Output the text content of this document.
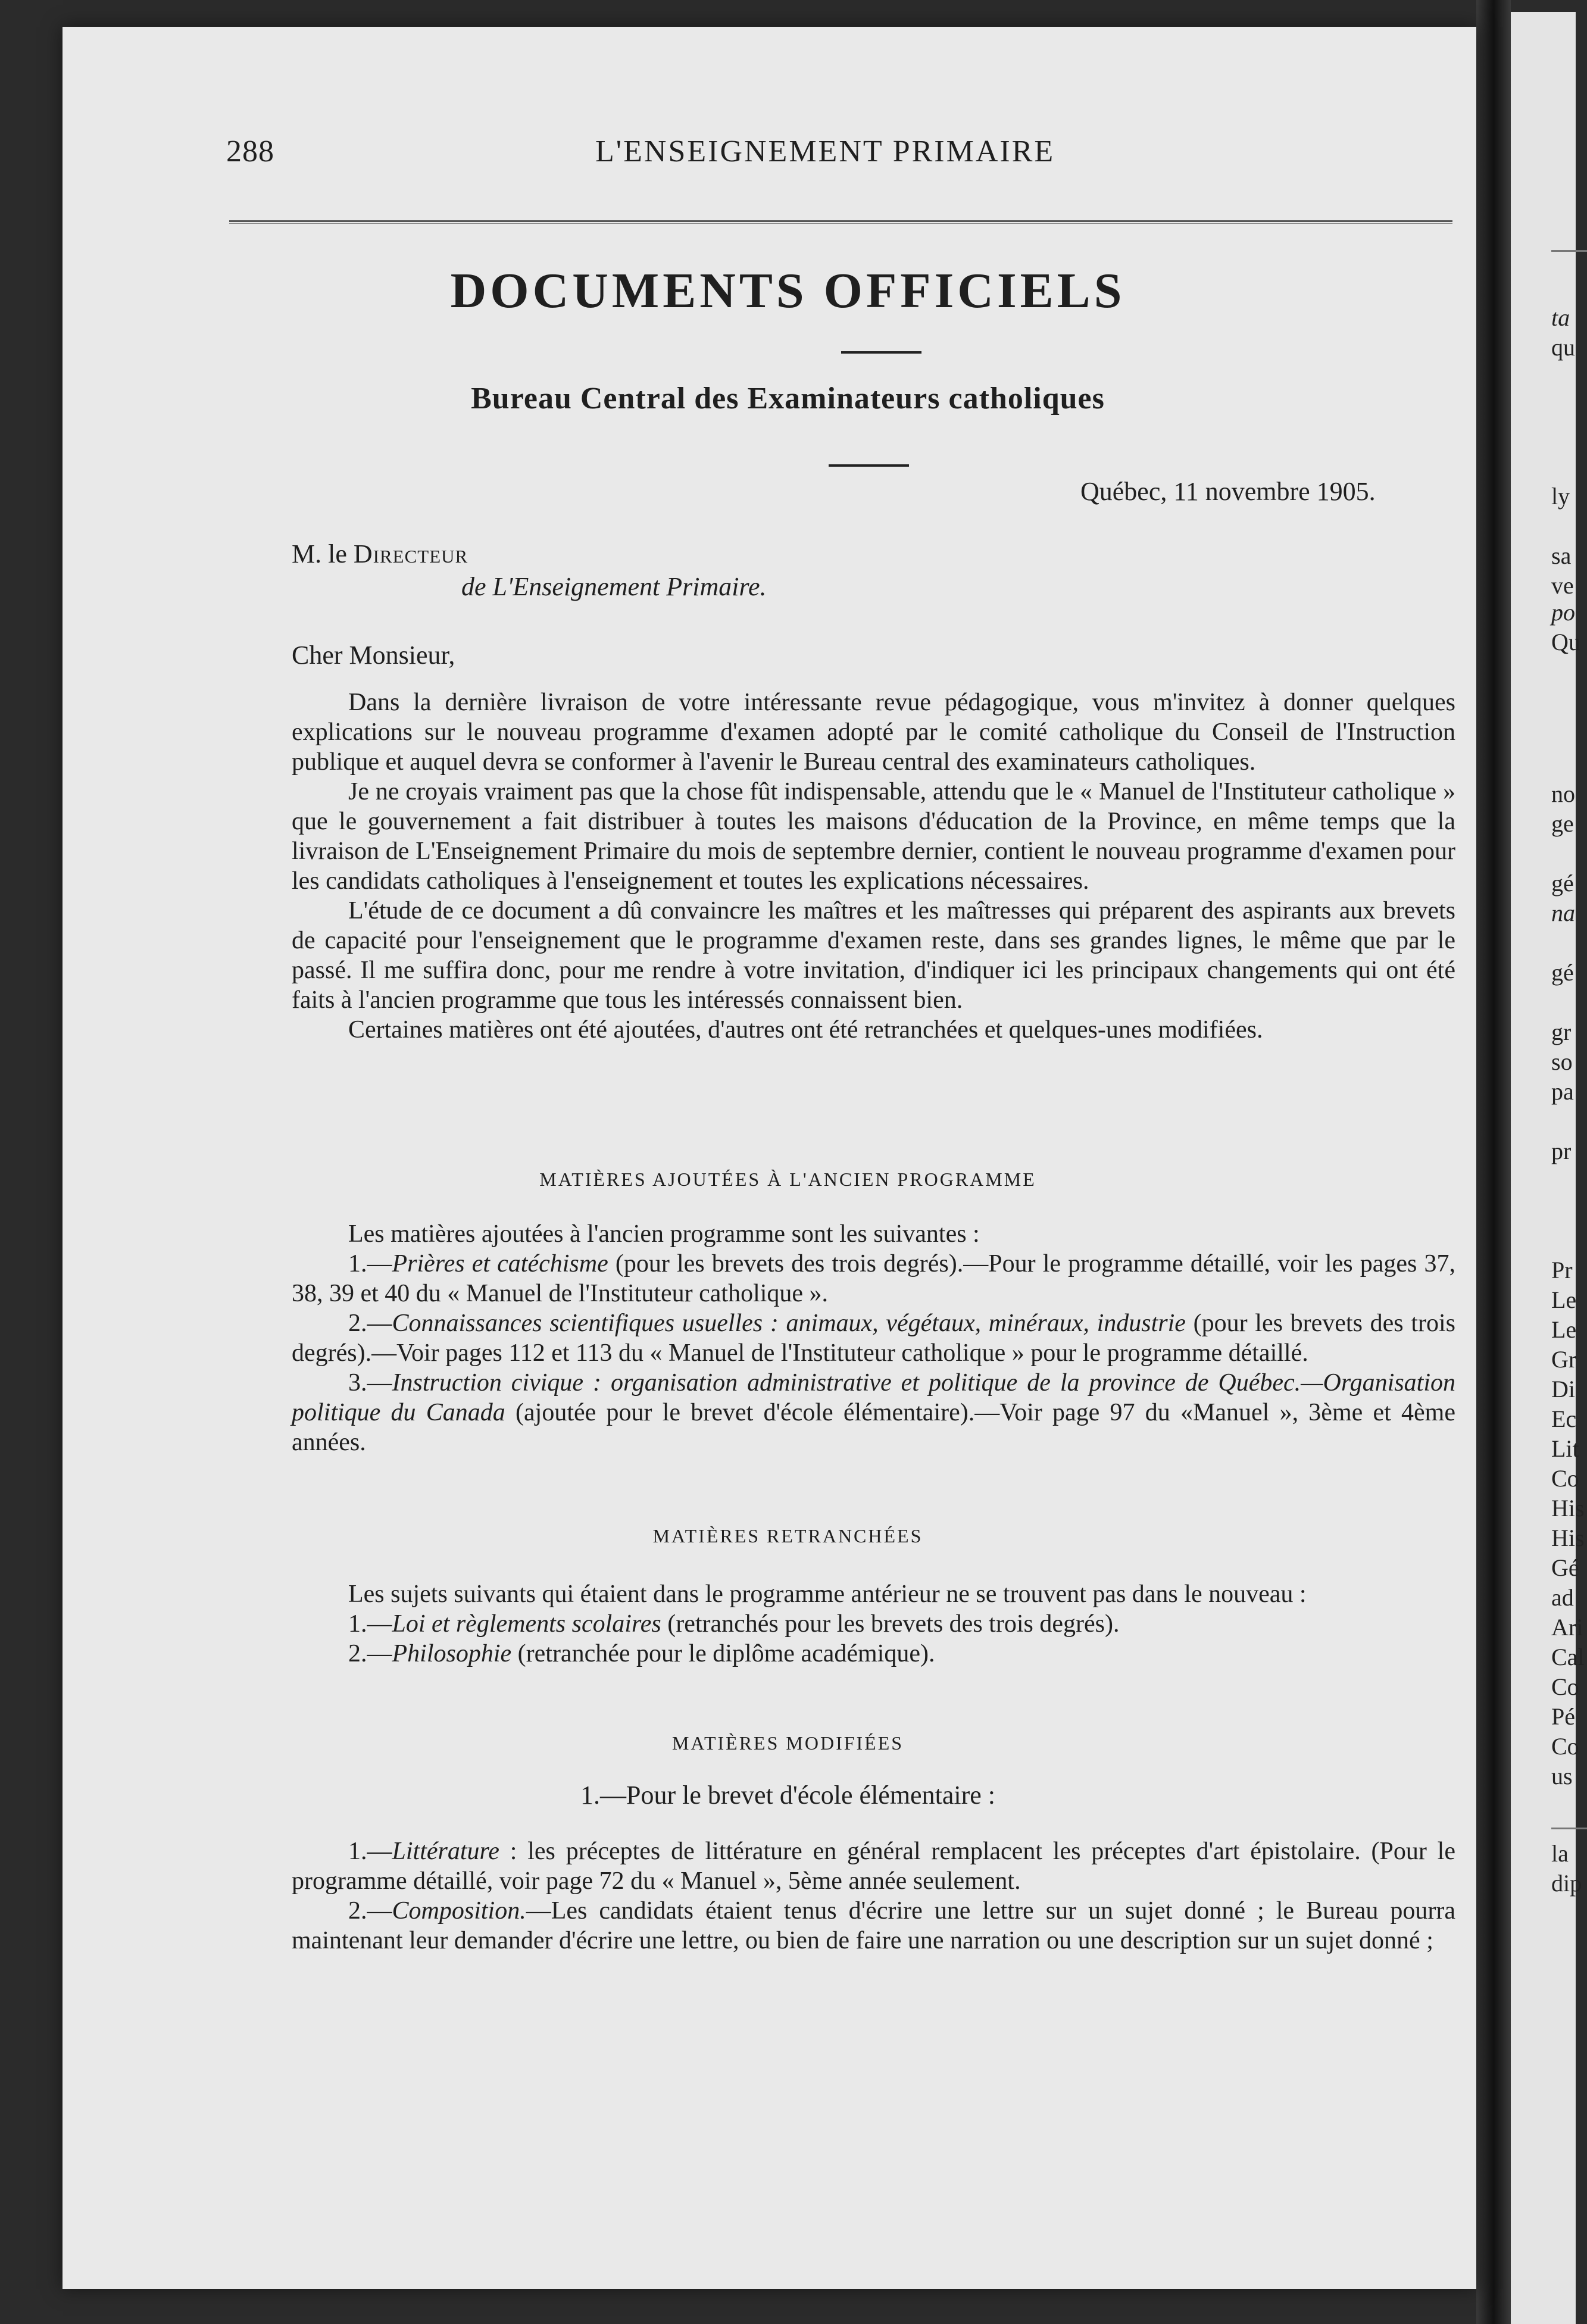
ta
qu
ly
sa
ve
po
Qu
no
ge
gé
na
gé
gr
so
pa
pr
Pr
Le
Le
Gr
Di
Ec
Lit
Co
His
His
Gé
ad
Ari
Cal
Co
Pé
Co
us
la
dip
288	L'ENSEIGNEMENT PRIMAIRE
DOCUMENTS OFFICIELS
Bureau Central des Examinateurs catholiques
Québec, 11 novembre 1905.
M. le Directeur
de L'Enseignement Primaire.
Cher Monsieur,

Dans la dernière livraison de votre intéressante revue pédagogique, vous m'invitez à donner quelques explications sur le nouveau programme d'examen adopté par le comité catholique du Conseil de l'Instruction publique et auquel devra se conformer à l'avenir le Bureau central des examinateurs catholiques.

Je ne croyais vraiment pas que la chose fût indispensable, attendu que le « Manuel de l'Instituteur catholique » que le gouvernement a fait distribuer à toutes les maisons d'éducation de la Province, en même temps que la livraison de L'Enseignement Primaire du mois de septembre dernier, contient le nouveau programme d'examen pour les candidats catholiques à l'enseignement et toutes les explications nécessaires.

L'étude de ce document a dû convaincre les maîtres et les maîtresses qui préparent des aspirants aux brevets de capacité pour l'enseignement que le programme d'examen reste, dans ses grandes lignes, le même que par le passé. Il me suffira donc, pour me rendre à votre invitation, d'indiquer ici les principaux changements qui ont été faits à l'ancien programme que tous les intéressés connaissent bien.

Certaines matières ont été ajoutées, d'autres ont été retranchées et quelques-unes modifiées.

MATIÈRES AJOUTÉES À L'ANCIEN PROGRAMME

Les matières ajoutées à l'ancien programme sont les suivantes :

1.—Prières et catéchisme (pour les brevets des trois degrés).—Pour le programme détaillé, voir les pages 37, 38, 39 et 40 du « Manuel de l'Instituteur catholique ».

2.—Connaissances scientifiques usuelles : animaux, végétaux, minéraux, industrie (pour les brevets des trois degrés).—Voir pages 112 et 113 du « Manuel de l'Instituteur catholique » pour le programme détaillé.

3.—Instruction civique : organisation administrative et politique de la province de Québec.—Organisation politique du Canada (ajoutée pour le brevet d'école élémentaire).—Voir page 97 du «Manuel », 3ème et 4ème années.

MATIÈRES RETRANCHÉES

Les sujets suivants qui étaient dans le programme antérieur ne se trouvent pas dans le nouveau :

1.—Loi et règlements scolaires (retranchés pour les brevets des trois degrés).

2.—Philosophie (retranchée pour le diplôme académique).

MATIÈRES MODIFIÉES
1.—Pour le brevet d'école élémentaire :

1.—Littérature : les préceptes de littérature en général remplacent les préceptes d'art épistolaire. (Pour le programme détaillé, voir page 72 du « Manuel », 5ème année seulement.

2.—Composition.—Les candidats étaient tenus d'écrire une lettre sur un sujet donné ; le Bureau pourra maintenant leur demander d'écrire une lettre, ou bien de faire une narration ou une description sur un sujet donné ;
